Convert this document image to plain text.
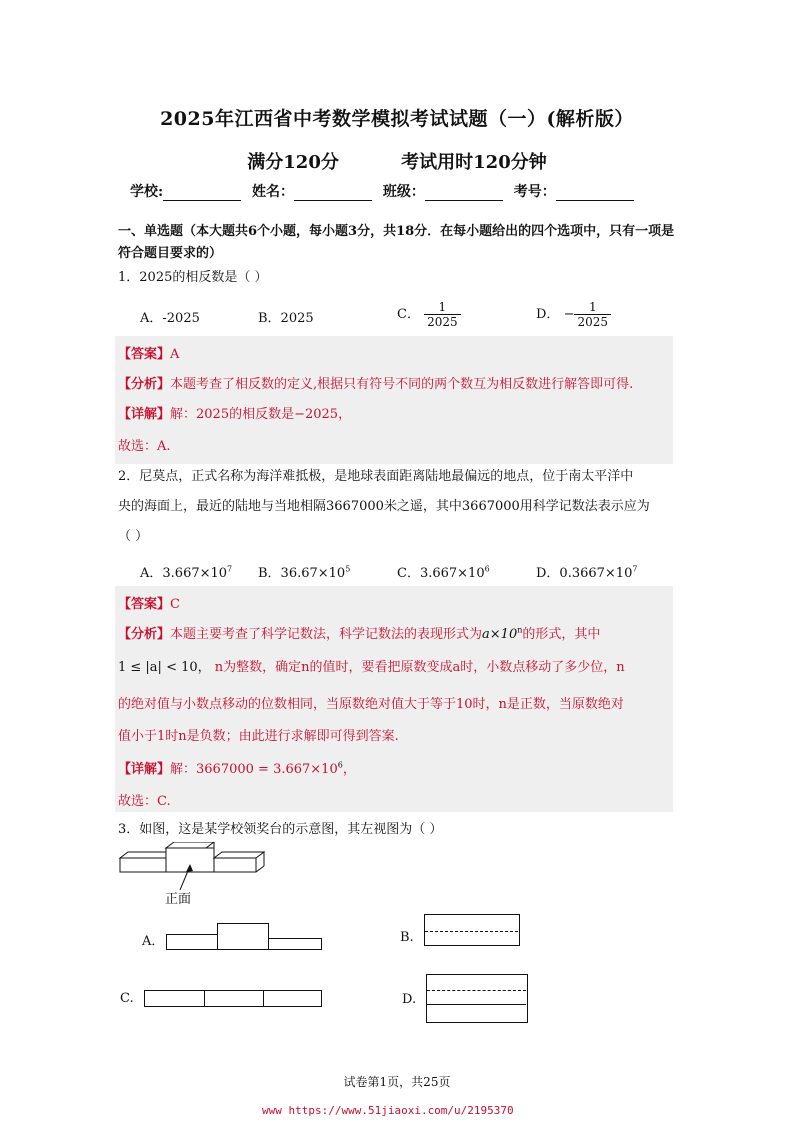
2025年江西省中考数学模拟考试试题（一）(解析版）
满分120分	考试用时120分钟
学校:	姓名：	班级：	考号：
一、单选题（本大题共6个小题，每小题3分，共18分．在每小题给出的四个选项中，只有一项是符合题目要求的）
1．2025的相反数是（ ）
A．-2025	B．2025	C． $\frac{1}{2025}$	D． − $\frac{1}{2025}$
【答案】A
【分析】本题考查了相反数的定义,根据只有符号不同的两个数互为相反数进行解答即可得.
【详解】解：2025的相反数是−2025，
故选：A.
2．尼莫点，正式名称为海洋难抵极，是地球表面距离陆地最偏远的地点，位于南太平洋中
央的海面上，最近的陆地与当地相隔3667000米之遥，其中3667000用科学记数法表示应为
（ ）
A．$3.667\times 10^7$ B．$36.67\times 10^5$	C．$3.667\times 10^6$	D．$0.3667\times 10^7$
【答案】C
【分析】本题主要考查了科学记数法，科学记数法的表现形式为$a\times 10^n$的形式，其中
1 ≤ |a| < 10， n为整数，确定n的值时，要看把原数变成a时，小数点移动了多少位，n
的绝对值与小数点移动的位数相同，当原数绝对值大于等于10时，n是正数，当原数绝对
值小于1时n是负数；由此进行求解即可得到答案.
【详解】解：$3667000 = 3.667\times 10^6$，
故选：C.
3．如图，这是某学校领奖台的示意图，其左视图为（ ）
正面
A．	B.
C.	D.
试卷第1页，共25页
www https://www.51jiaoxi.com/u/2195370
